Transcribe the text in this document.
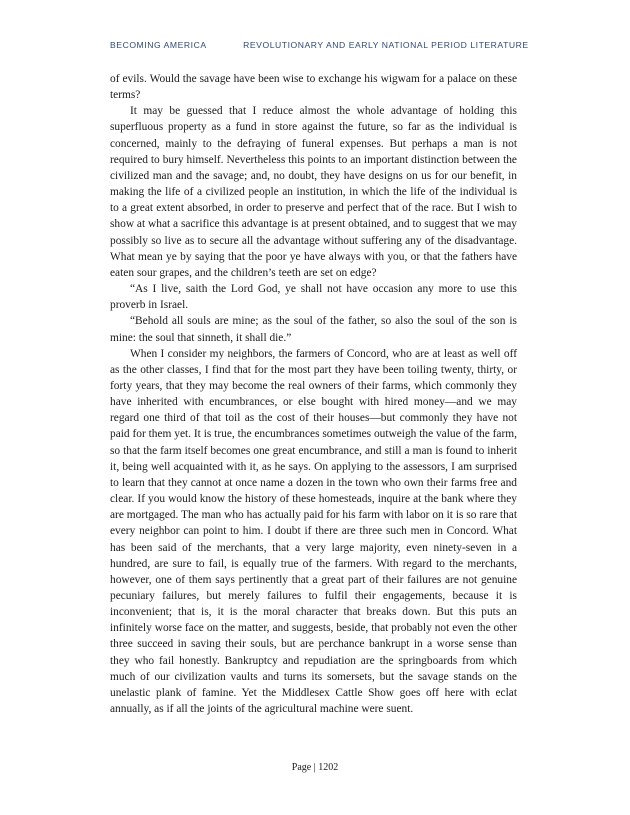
BECOMING AMERICA	REVOLUTIONARY AND EARLY NATIONAL PERIOD LITERATURE

of evils. Would the savage have been wise to exchange his wigwam for a palace on these terms?

It may be guessed that I reduce almost the whole advantage of holding this superfluous property as a fund in store against the future, so far as the individual is concerned, mainly to the defraying of funeral expenses. But perhaps a man is not required to bury himself. Nevertheless this points to an important distinction between the civilized man and the savage; and, no doubt, they have designs on us for our benefit, in making the life of a civilized people an institution, in which the life of the individual is to a great extent absorbed, in order to preserve and perfect that of the race. But I wish to show at what a sacrifice this advantage is at present obtained, and to suggest that we may possibly so live as to secure all the advantage without suffering any of the disadvantage. What mean ye by saying that the poor ye have always with you, or that the fathers have eaten sour grapes, and the children’s teeth are set on edge?

“As I live, saith the Lord God, ye shall not have occasion any more to use this proverb in Israel.

“Behold all souls are mine; as the soul of the father, so also the soul of the son is mine: the soul that sinneth, it shall die.”

When I consider my neighbors, the farmers of Concord, who are at least as well off as the other classes, I find that for the most part they have been toiling twenty, thirty, or forty years, that they may become the real owners of their farms, which commonly they have inherited with encumbrances, or else bought with hired money—and we may regard one third of that toil as the cost of their houses—but commonly they have not paid for them yet. It is true, the encumbrances sometimes outweigh the value of the farm, so that the farm itself becomes one great encumbrance, and still a man is found to inherit it, being well acquainted with it, as he says. On applying to the assessors, I am surprised to learn that they cannot at once name a dozen in the town who own their farms free and clear. If you would know the history of these homesteads, inquire at the bank where they are mortgaged. The man who has actually paid for his farm with labor on it is so rare that every neighbor can point to him. I doubt if there are three such men in Concord. What has been said of the merchants, that a very large majority, even ninety-seven in a hundred, are sure to fail, is equally true of the farmers. With regard to the merchants, however, one of them says pertinently that a great part of their failures are not genuine pecuniary failures, but merely failures to fulfil their engagements, because it is inconvenient; that is, it is the moral character that breaks down. But this puts an infinitely worse face on the matter, and suggests, beside, that probably not even the other three succeed in saving their souls, but are perchance bankrupt in a worse sense than they who fail honestly. Bankruptcy and repudiation are the springboards from which much of our civilization vaults and turns its somersets, but the savage stands on the unelastic plank of famine. Yet the Middlesex Cattle Show goes off here with eclat annually, as if all the joints of the agricultural machine were suent.

Page | 1202
